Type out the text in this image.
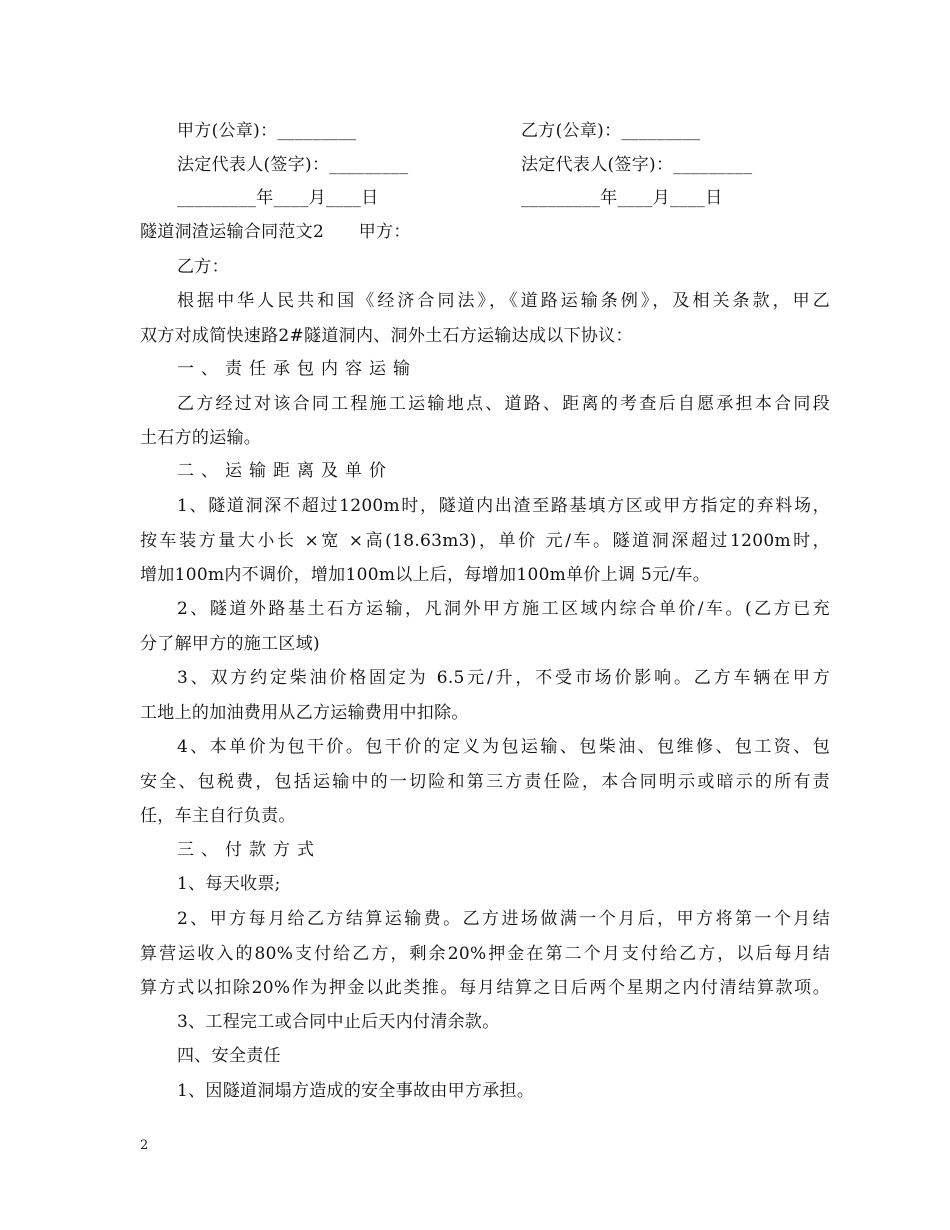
甲方(公章)：_________	乙方(公章)：_________
法定代表人(签字)：_________	法定代表人(签字)：_________
_________年____月____日	_________年____月____日
隧道洞渣运输合同范文2　　甲方：
乙方：
根据中华人民共和国《经济合同法》，《道路运输条例》，及相关条款，甲乙
双方对成简快速路2#隧道洞内、洞外土石方运输达成以下协议：
一、责任承包内容运输
乙方经过对该合同工程施工运输地点、道路、距离的考查后自愿承担本合同段
土石方的运输。
二、运输距离及单价
1、隧道洞深不超过1200m时，隧道内出渣至路基填方区或甲方指定的弃料场，
按车装方量大小长 ×宽 ×高(18.63m3)，单价 元/车。隧道洞深超过1200m时，
增加100m内不调价，增加100m以上后，每增加100m单价上调 5元/车。
2、隧道外路基土石方运输，凡洞外甲方施工区域内综合单价/车。(乙方已充
分了解甲方的施工区域)
3、双方约定柴油价格固定为 6.5元/升，不受市场价影响。乙方车辆在甲方
工地上的加油费用从乙方运输费用中扣除。
4、本单价为包干价。包干价的定义为包运输、包柴油、包维修、包工资、包
安全、包税费，包括运输中的一切险和第三方责任险，本合同明示或暗示的所有责
任，车主自行负责。
三、付款方式
1、每天收票;
2、甲方每月给乙方结算运输费。乙方进场做满一个月后，甲方将第一个月结
算营运收入的80%支付给乙方，剩余20%押金在第二个月支付给乙方，以后每月结
算方式以扣除20%作为押金以此类推。每月结算之日后两个星期之内付清结算款项。
3、工程完工或合同中止后天内付清余款。
四、安全责任
1、因隧道洞塌方造成的安全事故由甲方承担。
2
